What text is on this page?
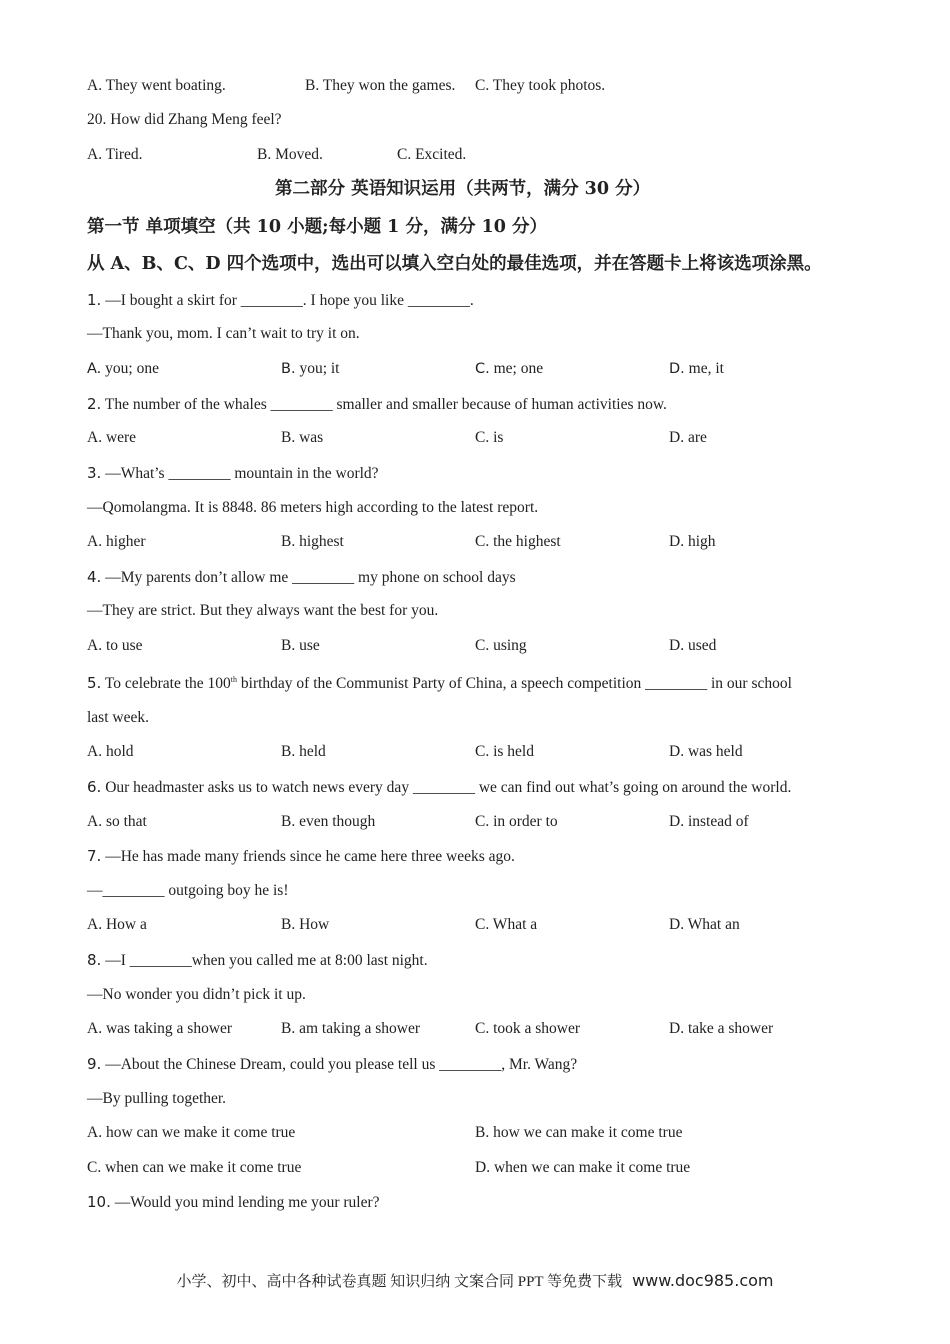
A. They went boating.	B. They won the games. C. They took photos.
20. How did Zhang Meng feel?
A. Tired.	B. Moved.	C. Excited.
第二部分 英语知识运用（共两节，满分 30 分）
第一节 单项填空（共 10 小题;每小题 1 分，满分 10 分）
从 A、B、C、D 四个选项中，选出可以填入空白处的最佳选项，并在答题卡上将该选项涂黑。
1. —I bought a skirt for ________. I hope you like ________.
—Thank you, mom. I can’t wait to try it on.
A. you; one	B. you; it	C. me; one	D. me, it
2. The number of the whales ________ smaller and smaller because of human activities now.
A. were	B. was	C. is	D. are
3. —What’s ________ mountain in the world?
—Qomolangma. It is 8848. 86 meters high according to the latest report.
A. higher	B. highest	C. the highest	D. high
4. —My parents don’t allow me ________ my phone on school days
—They are strict. But they always want the best for you.
A. to use	B. use	C. using	D. used
5. To celebrate the 100th birthday of the Communist Party of China, a speech competition ________ in our school
last week.
A. hold	B. held	C. is held	D. was held
6. Our headmaster asks us to watch news every day ________ we can find out what’s going on around the world.
A. so that	B. even though	C. in order to	D. instead of
7. —He has made many friends since he came here three weeks ago.
—________ outgoing boy he is!
A. How a	B. How	C. What a	D. What an
8. —I ________when you called me at 8:00 last night.
—No wonder you didn’t pick it up.
A. was taking a shower	B. am taking a shower	C. took a shower	D. take a shower
9. —About the Chinese Dream, could you please tell us ________, Mr. Wang?
—By pulling together.
A. how can we make it come true	B. how we can make it come true
C. when can we make it come true	D. when we can make it come true
10. —Would you mind lending me your ruler?
小学、初中、高中各种试卷真题 知识归纳 文案合同 PPT 等免费下载 www.doc985.com
